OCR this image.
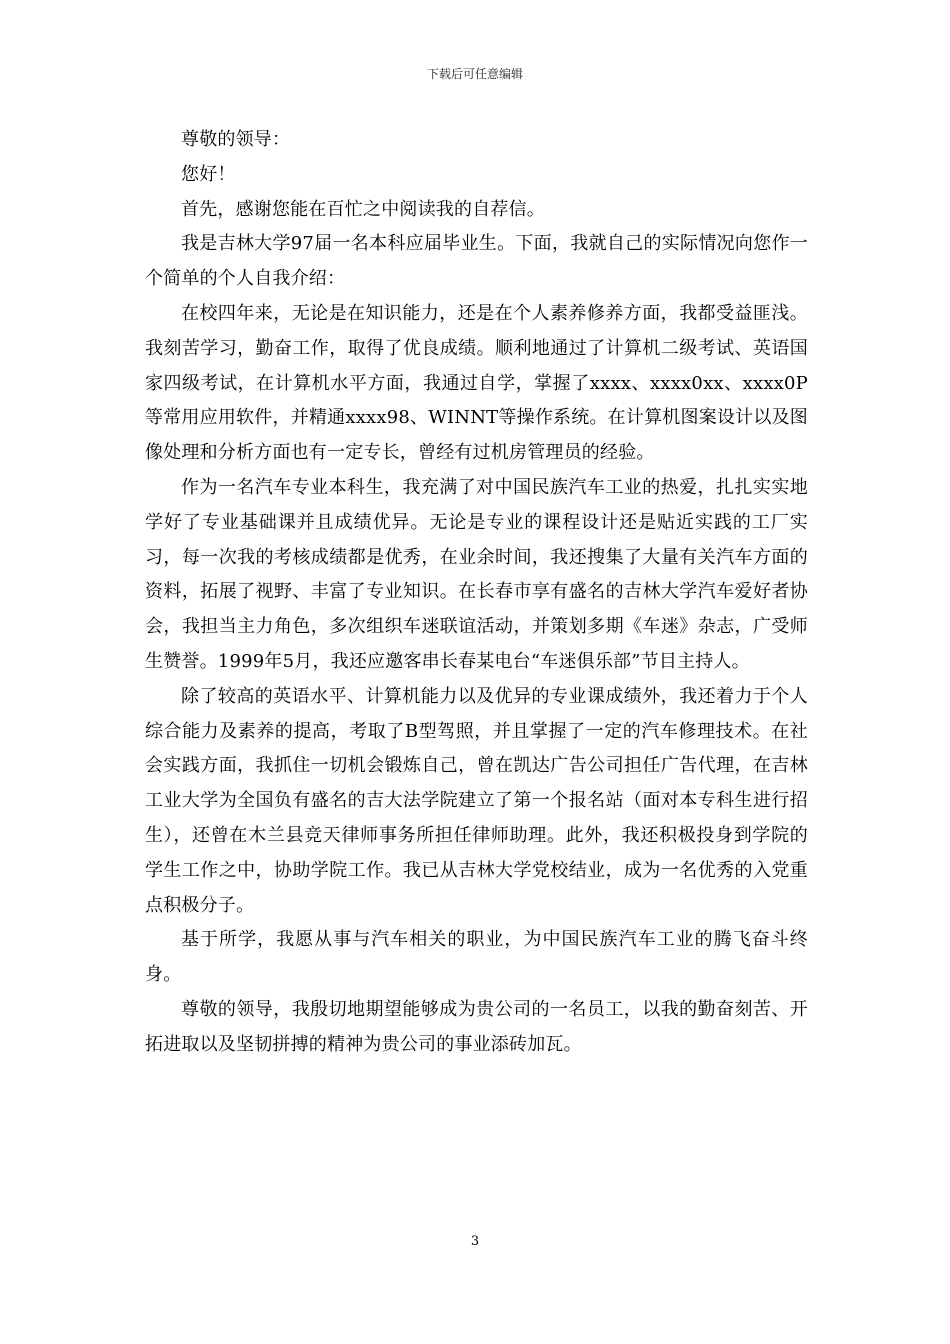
下载后可任意编辑

尊敬的领导：

您好！

首先，感谢您能在百忙之中阅读我的自荐信。

我是吉林大学97届一名本科应届毕业生。下面，我就自己的实际情况向您作一个简单的个人自我介绍：

在校四年来，无论是在知识能力，还是在个人素养修养方面，我都受益匪浅。我刻苦学习，勤奋工作，取得了优良成绩。顺利地通过了计算机二级考试、英语国家四级考试，在计算机水平方面，我通过自学，掌握了xxxx、xxxx0xx、xxxx0P等常用应用软件，并精通xxxx98、WINNT等操作系统。在计算机图案设计以及图像处理和分析方面也有一定专长，曾经有过机房管理员的经验。

作为一名汽车专业本科生，我充满了对中国民族汽车工业的热爱，扎扎实实地学好了专业基础课并且成绩优异。无论是专业的课程设计还是贴近实践的工厂实习，每一次我的考核成绩都是优秀，在业余时间，我还搜集了大量有关汽车方面的资料，拓展了视野、丰富了专业知识。在长春市享有盛名的吉林大学汽车爱好者协会，我担当主力角色，多次组织车迷联谊活动，并策划多期《车迷》杂志，广受师生赞誉。1999年5月，我还应邀客串长春某电台“车迷俱乐部”节目主持人。

除了较高的英语水平、计算机能力以及优异的专业课成绩外，我还着力于个人综合能力及素养的提高，考取了B型驾照，并且掌握了一定的汽车修理技术。在社会实践方面，我抓住一切机会锻炼自己，曾在凯达广告公司担任广告代理，在吉林工业大学为全国负有盛名的吉大法学院建立了第一个报名站（面对本专科生进行招生），还曾在木兰县竞天律师事务所担任律师助理。此外，我还积极投身到学院的学生工作之中，协助学院工作。我已从吉林大学党校结业，成为一名优秀的入党重点积极分子。

基于所学，我愿从事与汽车相关的职业，为中国民族汽车工业的腾飞奋斗终身。

尊敬的领导，我殷切地期望能够成为贵公司的一名员工，以我的勤奋刻苦、开拓进取以及坚韧拼搏的精神为贵公司的事业添砖加瓦。

3
